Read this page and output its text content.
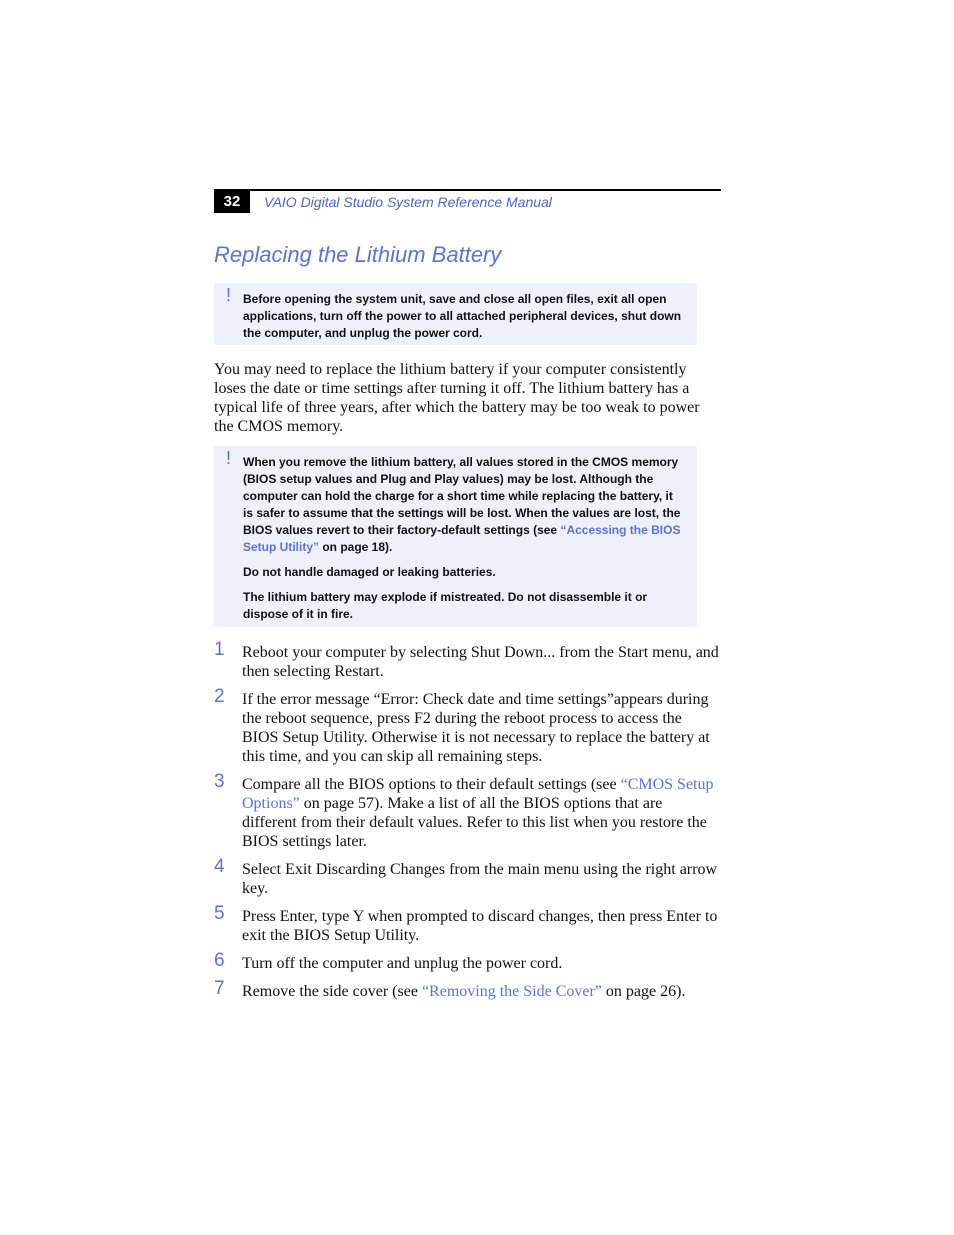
32	VAIO Digital Studio System Reference Manual
Replacing the Lithium Battery
! Before opening the system unit, save and close all open files, exit all open applications, turn off the power to all attached peripheral devices, shut down the computer, and unplug the power cord.

You may need to replace the lithium battery if your computer consistently loses the date or time settings after turning it off. The lithium battery has a typical life of three years, after which the battery may be too weak to power the CMOS memory.

! When you remove the lithium battery, all values stored in the CMOS memory (BIOS setup values and Plug and Play values) may be lost. Although the computer can hold the charge for a short time while replacing the battery, it is safer to assume that the settings will be lost. When the values are lost, the BIOS values revert to their factory-default settings (see “Accessing the BIOS Setup Utility” on page 18).

Do not handle damaged or leaking batteries.

The lithium battery may explode if mistreated. Do not disassemble it or dispose of it in fire.

1 Reboot your computer by selecting Shut Down... from the Start menu, and then selecting Restart.
2 If the error message “Error: Check date and time settings”appears during the reboot sequence, press F2 during the reboot process to access the BIOS Setup Utility. Otherwise it is not necessary to replace the battery at this time, and you can skip all remaining steps.
3 Compare all the BIOS options to their default settings (see “CMOS Setup Options” on page 57). Make a list of all the BIOS options that are different from their default values. Refer to this list when you restore the BIOS settings later.
4 Select Exit Discarding Changes from the main menu using the right arrow key.
5 Press Enter, type Y when prompted to discard changes, then press Enter to exit the BIOS Setup Utility.
6 Turn off the computer and unplug the power cord.
7 Remove the side cover (see “Removing the Side Cover” on page 26).
